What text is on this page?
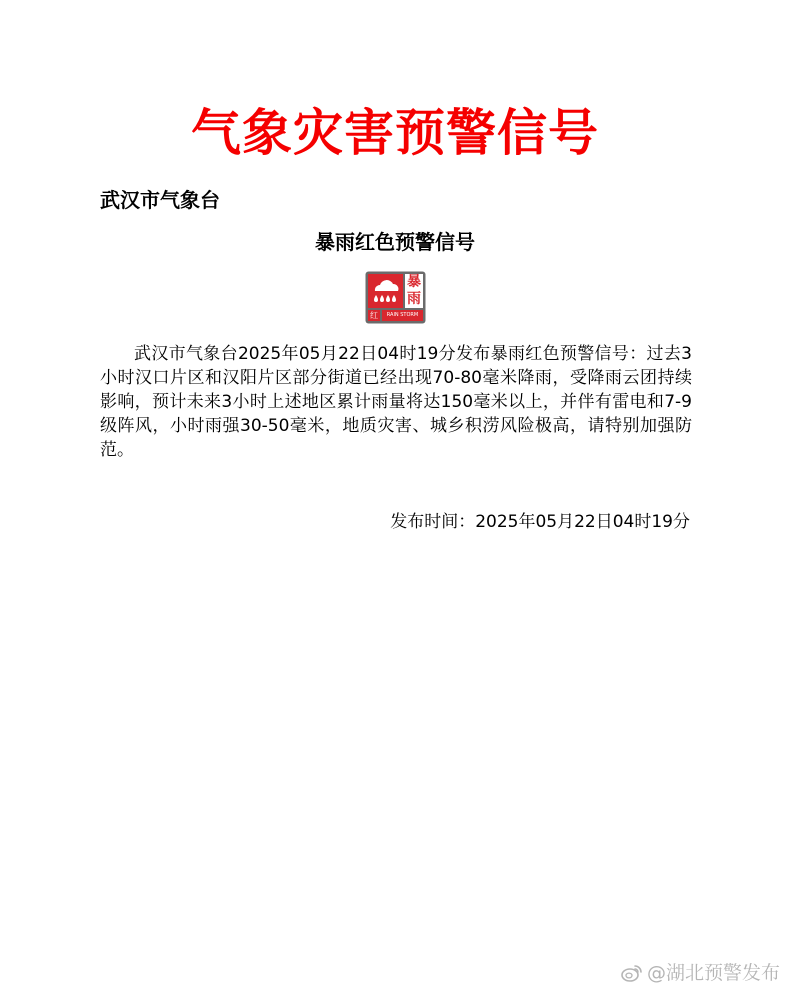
气象灾害预警信号
武汉市气象台
暴雨红色预警信号
暴
雨
红	RAIN STORM
武汉市气象台2025年05月22日04时19分发布暴雨红色预警信号：过去3小时汉口片区和汉阳片区部分街道已经出现70-80毫米降雨，受降雨云团持续影响，预计未来3小时上述地区累计雨量将达150毫米以上，并伴有雷电和7-9级阵风，小时雨强30-50毫米，地质灾害、城乡积涝风险极高，请特别加强防范。
发布时间：2025年05月22日04时19分
@湖北预警发布
